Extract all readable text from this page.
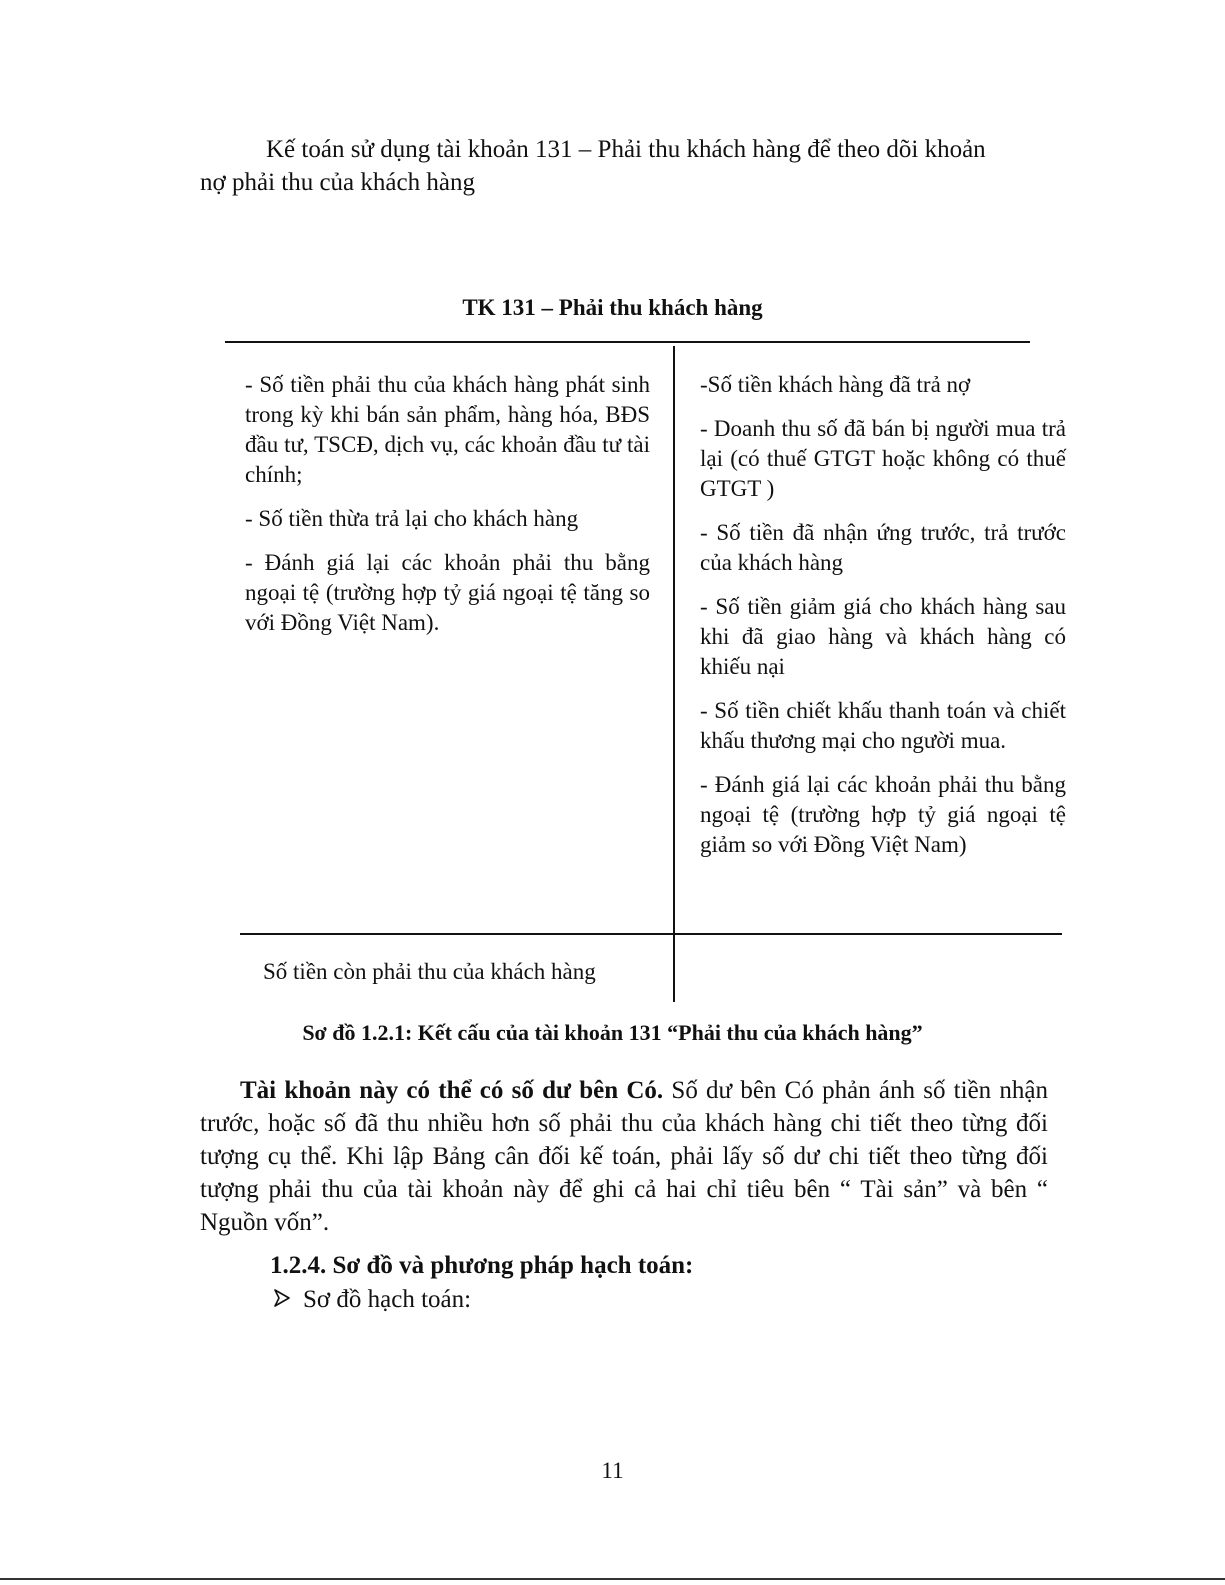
Kế toán sử dụng tài khoản 131 – Phải thu khách hàng để theo dõi khoản
nợ phải thu của khách hàng
TK 131 – Phải thu khách hàng

- Số tiền phải thu của khách hàng phát sinh trong kỳ khi bán sản phẩm, hàng hóa, BĐS đầu tư, TSCĐ, dịch vụ, các khoản đầu tư tài chính;

- Số tiền thừa trả lại cho khách hàng

- Đánh giá lại các khoản phải thu bằng ngoại tệ (trường hợp tỷ giá ngoại tệ tăng so với Đồng Việt Nam).

-Số tiền khách hàng đã trả nợ

- Doanh thu số đã bán bị người mua trả lại (có thuế GTGT hoặc không có thuế GTGT )

- Số tiền đã nhận ứng trước, trả trước của khách hàng

- Số tiền giảm giá cho khách hàng sau khi đã giao hàng và khách hàng có khiếu nại

- Số tiền chiết khấu thanh toán và chiết khấu thương mại cho người mua.

- Đánh giá lại các khoản phải thu bằng ngoại tệ (trường hợp tỷ giá ngoại tệ giảm so với Đồng Việt Nam)

Số tiền còn phải thu của khách hàng
Sơ đồ 1.2.1: Kết cấu của tài khoản 131 “Phải thu của khách hàng”
Tài khoản này có thể có số dư bên Có. Số dư bên Có phản ánh số tiền nhận trước, hoặc số đã thu nhiều hơn số phải thu của khách hàng chi tiết theo từng đối tượng cụ thể. Khi lập Bảng cân đối kế toán, phải lấy số dư chi tiết theo từng đối tượng phải thu của tài khoản này để ghi cả hai chỉ tiêu bên “ Tài sản” và bên “ Nguồn vốn”.
1.2.4. Sơ đồ và phương pháp hạch toán:
Sơ đồ hạch toán:
11
